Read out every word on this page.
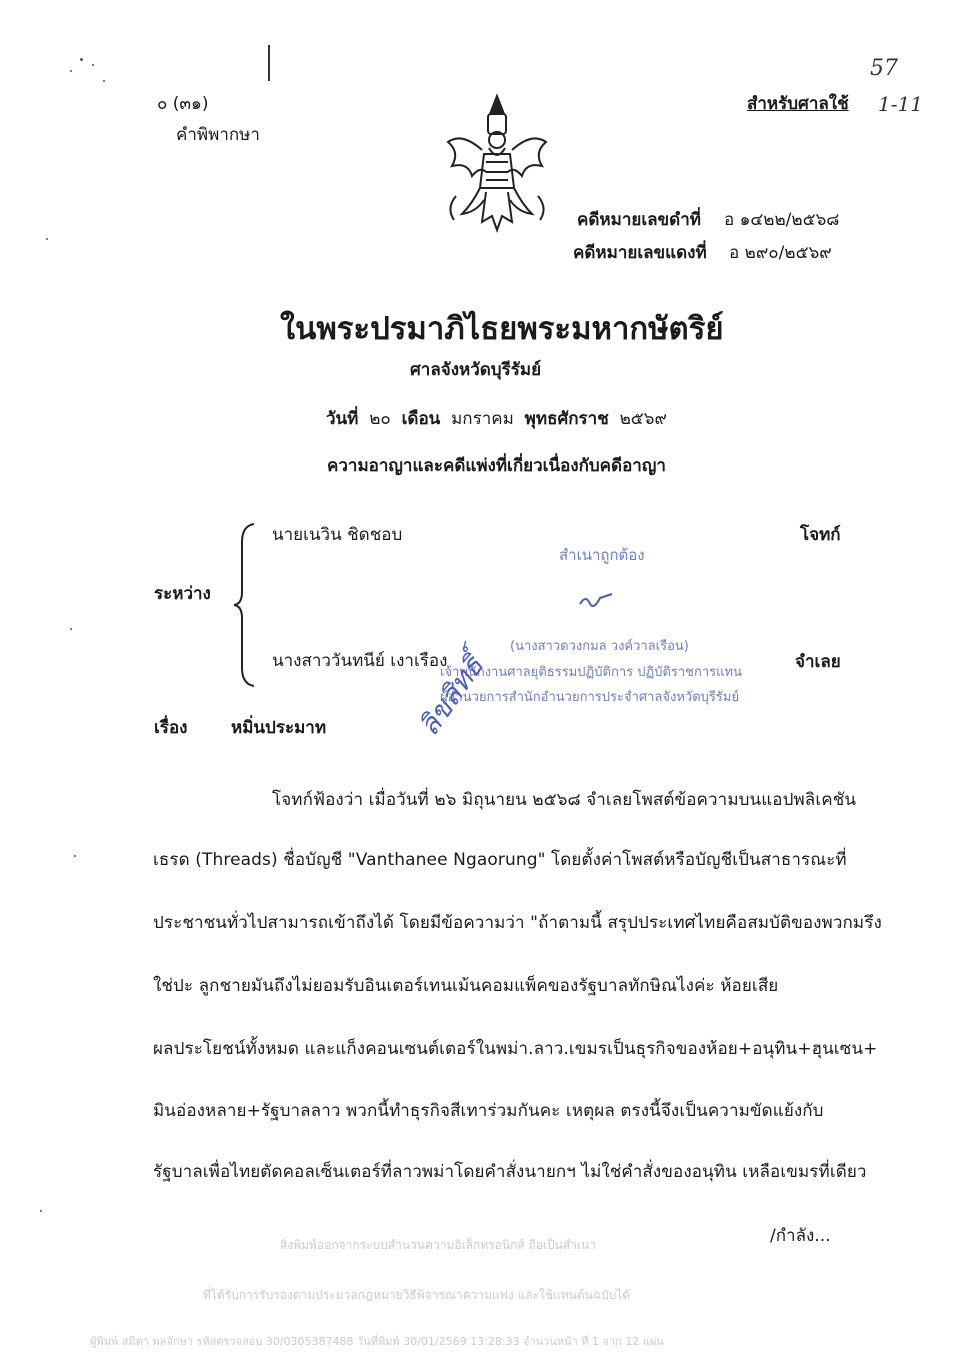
๐ (๓๑)
คำพิพากษา
สำหรับศาลใช้
57
1-11
คดีหมายเลขดำที่ อ ๑๔๒๒/๒๕๖๘
คดีหมายเลขแดงที่ อ ๒๙๐/๒๕๖๙
ในพระปรมาภิไธยพระมหากษัตริย์
ศาลจังหวัดบุรีรัมย์
วันที่ ๒๐ เดือน มกราคม พุทธศักราช ๒๕๖๙
ความอาญาและคดีแพ่งที่เกี่ยวเนื่องกับคดีอาญา
ระหว่าง
นายเนวิน ชิดชอบ	โจทก์
นางสาววันทนีย์ เงาเรือง	จำเลย
สำเนาถูกต้อง
(นางสาวดวงกมล วงค์วาลเรือน)
เจ้าพนักงานศาลยุติธรรมปฏิบัติการ ปฏิบัติราชการแทน
ผู้อำนวยการสำนักอำนวยการประจำศาลจังหวัดบุรีรัมย์
ลิขสิทธิ์
เรื่อง	หมิ่นประมาท
โจทก์ฟ้องว่า เมื่อวันที่ ๒๖ มิถุนายน ๒๕๖๘ จำเลยโพสต์ข้อความบนแอปพลิเคชัน
เธรด (Threads) ชื่อบัญชี "Vanthanee Ngaorung" โดยตั้งค่าโพสต์หรือบัญชีเป็นสาธารณะที่
ประชาชนทั่วไปสามารถเข้าถึงได้ โดยมีข้อความว่า "ถ้าตามนี้ สรุปประเทศไทยคือสมบัติของพวกมรึง
ใช่ปะ ลูกชายมันถึงไม่ยอมรับอินเตอร์เทนเม้นคอมแพ็คของรัฐบาลทักษิณไงค่ะ ห้อยเสีย
ผลประโยชน์ทั้งหมด และแก็งคอนเซนต์เตอร์ในพม่า.ลาว.เขมรเป็นธุรกิจของห้อย+อนุทิน+ฮุนเซน+
มินอ่องหลาย+รัฐบาลลาว พวกนี้ทำธุรกิจสีเทาร่วมกันคะ เหตุผล ตรงนี้จึงเป็นความขัดแย้งกับ
รัฐบาลเพื่อไทยตัดคอลเซ็นเตอร์ที่ลาวพม่าโดยคำสั่งนายกฯ ไม่ใช่คำสั่งของอนุทิน เหลือเขมรที่เดียว
/กำลัง...
สิ่งพิมพ์ออกจากระบบสำนวนความอิเล็กทรอนิกส์ ถือเป็นสำเนา
ที่ได้รับการรับรองตามประมวลกฎหมายวิธีพิจารณาความแพ่ง และใช้แทนต้นฉบับได้
ผู้พิมพ์ สมิตา พลจักษา รหัสตรวจสอบ 30/0305387488 วันที่พิมพ์ 30/01/2569 13:28:33 จำนวนหน้า ที่ 1 จาก 12 แผ่น
